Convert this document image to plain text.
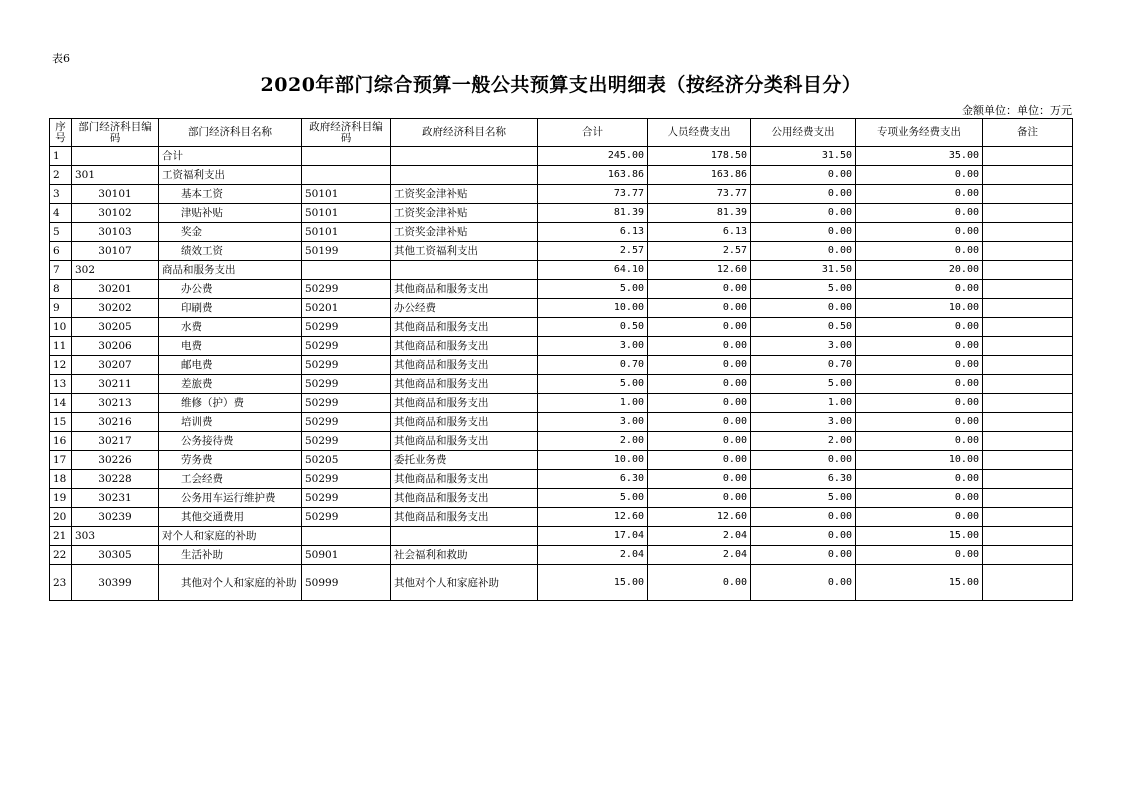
表6
2020年部门综合预算一般公共预算支出明细表（按经济分类科目分）
金额单位：单位：万元
序号	部门经济科目编码	部门经济科目名称	政府经济科目编码	政府经济科目名称	合计	人员经费支出	公用经费支出	专项业务经费支出	备注
1		合计			245.00	178.50	31.50	35.00	
2	301	工资福利支出			163.86	163.86	0.00	0.00	
3	30101	基本工资	50101	工资奖金津补贴	73.77	73.77	0.00	0.00	
4	30102	津贴补贴	50101	工资奖金津补贴	81.39	81.39	0.00	0.00	
5	30103	奖金	50101	工资奖金津补贴	6.13	6.13	0.00	0.00	
6	30107	绩效工资	50199	其他工资福利支出	2.57	2.57	0.00	0.00	
7	302	商品和服务支出			64.10	12.60	31.50	20.00	
8	30201	办公费	50299	其他商品和服务支出	5.00	0.00	5.00	0.00	
9	30202	印刷费	50201	办公经费	10.00	0.00	0.00	10.00	
10	30205	水费	50299	其他商品和服务支出	0.50	0.00	0.50	0.00	
11	30206	电费	50299	其他商品和服务支出	3.00	0.00	3.00	0.00	
12	30207	邮电费	50299	其他商品和服务支出	0.70	0.00	0.70	0.00	
13	30211	差旅费	50299	其他商品和服务支出	5.00	0.00	5.00	0.00	
14	30213	维修（护）费	50299	其他商品和服务支出	1.00	0.00	1.00	0.00	
15	30216	培训费	50299	其他商品和服务支出	3.00	0.00	3.00	0.00	
16	30217	公务接待费	50299	其他商品和服务支出	2.00	0.00	2.00	0.00	
17	30226	劳务费	50205	委托业务费	10.00	0.00	0.00	10.00	
18	30228	工会经费	50299	其他商品和服务支出	6.30	0.00	6.30	0.00	
19	30231	公务用车运行维护费	50299	其他商品和服务支出	5.00	0.00	5.00	0.00	
20	30239	其他交通费用	50299	其他商品和服务支出	12.60	12.60	0.00	0.00	
21	303	对个人和家庭的补助			17.04	2.04	0.00	15.00	
22	30305	生活补助	50901	社会福利和救助	2.04	2.04	0.00	0.00	
23	30399	其他对个人和家庭的补助	50999	其他对个人和家庭补助	15.00	0.00	0.00	15.00	
